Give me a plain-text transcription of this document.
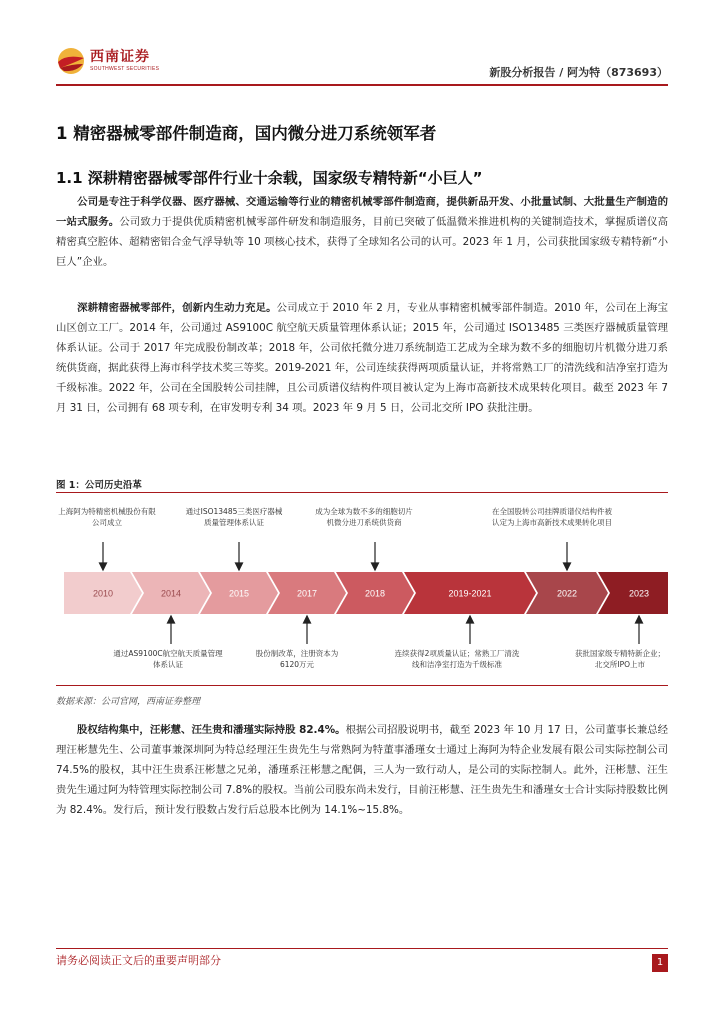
西南证券
SOUTHWEST SECURITIES	新股分析报告 / 阿为特（873693）
1 精密器械零部件制造商，国内微分进刀系统领军者
1.1 深耕精密器械零部件行业十余载，国家级专精特新“小巨人”
公司是专注于科学仪器、医疗器械、交通运输等行业的精密机械零部件制造商，提供新品开发、小批量试制、大批量生产制造的一站式服务。公司致力于提供优质精密机械零部件研发和制造服务，目前已突破了低温微米推进机构的关键制造技术，掌握质谱仪高精密真空腔体、超精密铝合金气浮导轨等 10 项核心技术，获得了全球知名公司的认可。2023 年 1 月，公司获批国家级专精特新“小巨人”企业。
深耕精密器械零部件，创新内生动力充足。公司成立于 2010 年 2 月，专业从事精密机械零部件制造。2010 年，公司在上海宝山区创立工厂。2014 年，公司通过 AS9100C 航空航天质量管理体系认证；2015 年，公司通过 ISO13485 三类医疗器械质量管理体系认证。公司于 2017 年完成股份制改革；2018 年，公司依托微分进刀系统制造工艺成为全球为数不多的细胞切片机微分进刀系统供货商，据此获得上海市科学技术奖三等奖。2019-2021 年，公司连续获得两项质量认证，并将常熟工厂的清洗线和洁净室打造为千级标准。2022 年，公司在全国股转公司挂牌，且公司质谱仪结构件项目被认定为上海市高新技术成果转化项目。截至 2023 年 7 月 31 日，公司拥有 68 项专利，在审发明专利 34 项。2023 年 9 月 5 日，公司北交所 IPO 获批注册。
图 1：公司历史沿革
2010	2014	2015	2017	2018	2019-2021	2022	2023
上海阿为特精密机械股份有限公司成立
通过ISO13485三类医疗器械质量管理体系认证
成为全球为数不多的细胞切片机微分进刀系统供货商
在全国股转公司挂牌质谱仪结构件被认定为上海市高新技术成果转化项目
通过AS9100C航空航天质量管理体系认证
股份制改革，注册资本为6120万元
连续获得2项质量认证；常熟工厂清洗线和洁净室打造为千级标准
获批国家级专精特新企业；北交所IPO上市
数据来源：公司官网，西南证券整理
股权结构集中，汪彬慧、汪生贵和潘瑾实际持股 82.4%。根据公司招股说明书，截至 2023 年 10 月 17 日，公司董事长兼总经理汪彬慧先生、公司董事兼深圳阿为特总经理汪生贵先生与常熟阿为特董事潘瑾女士通过上海阿为特企业发展有限公司实际控制公司 74.5%的股权，其中汪生贵系汪彬慧之兄弟，潘瑾系汪彬慧之配偶，三人为一致行动人，是公司的实际控制人。此外，汪彬慧、汪生贵先生通过阿为特管理实际控制公司 7.8%的股权。当前公司股东尚未发行，目前汪彬慧、汪生贵先生和潘瑾女士合计实际持股数比例为 82.4%。发行后，预计发行股数占发行后总股本比例为 14.1%~15.8%。
请务必阅读正文后的重要声明部分	1
